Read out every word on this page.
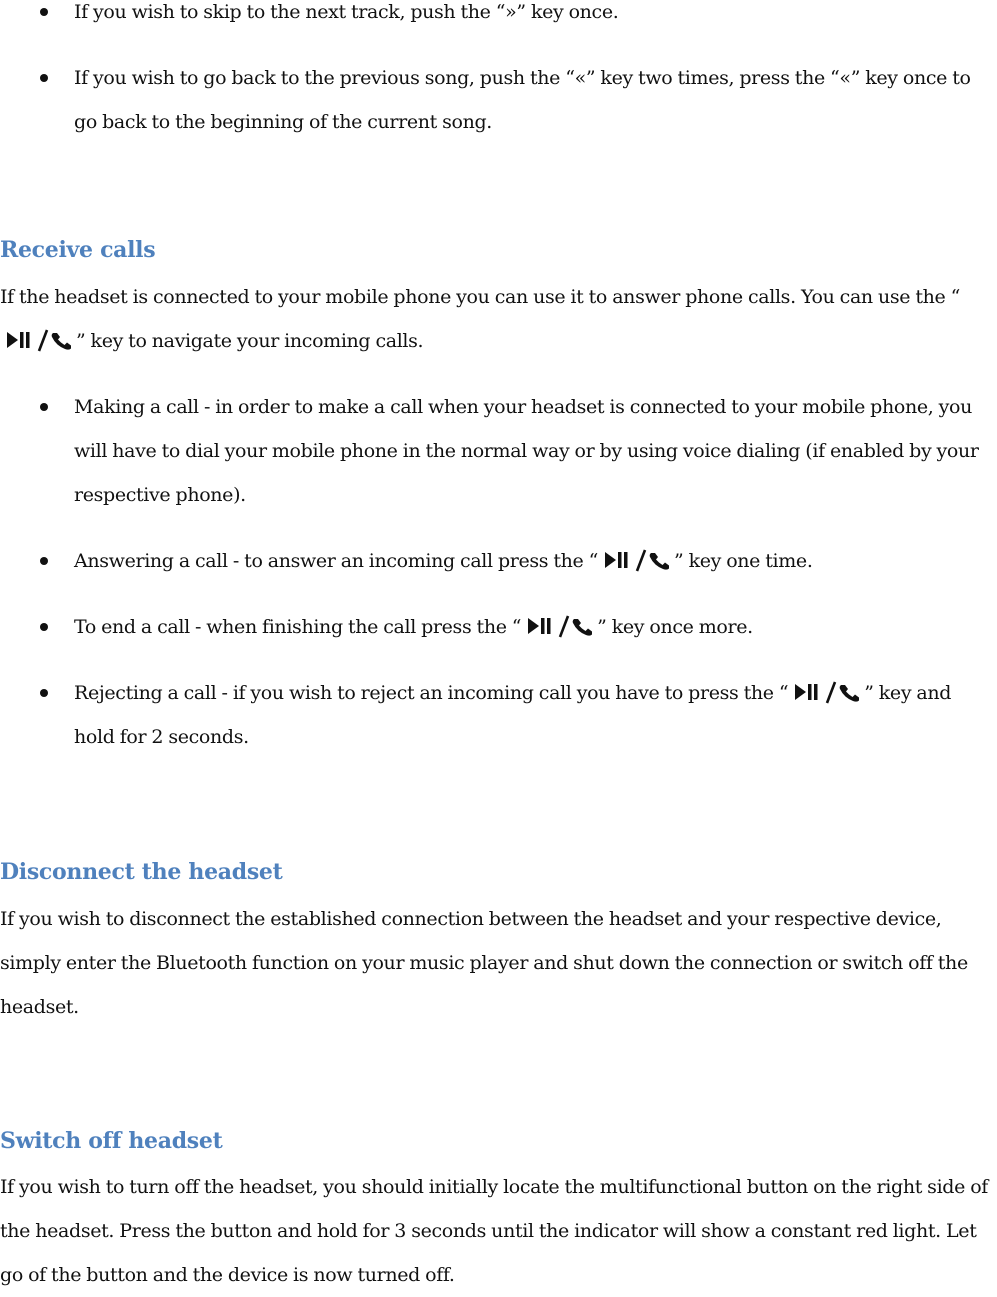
If you wish to skip to the next track, push the “»” key once.
If you wish to go back to the previous song, push the “«” key two times, press the “«” key once to go back to the beginning of the current song.
Receive calls

If the headset is connected to your mobile phone you can use it to answer phone calls. You can use the “” key to navigate your incoming calls.

Making a call - in order to make a call when your headset is connected to your mobile phone, you will have to dial your mobile phone in the normal way or by using voice dialing (if enabled by your respective phone).
Answering a call - to answer an incoming call press the “	” key one time.
To end a call - when finishing the call press the “	” key once more.
Rejecting a call - if you wish to reject an incoming call you have to press the “	” key and hold for 2 seconds.
Disconnect the headset

If you wish to disconnect the established connection between the headset and your respective device, simply enter the Bluetooth function on your music player and shut down the connection or switch off the headset.

Switch off headset

If you wish to turn off the headset, you should initially locate the multifunctional button on the right side of the headset. Press the button and hold for 3 seconds until the indicator will show a constant red light. Let go of the button and the device is now turned off.
